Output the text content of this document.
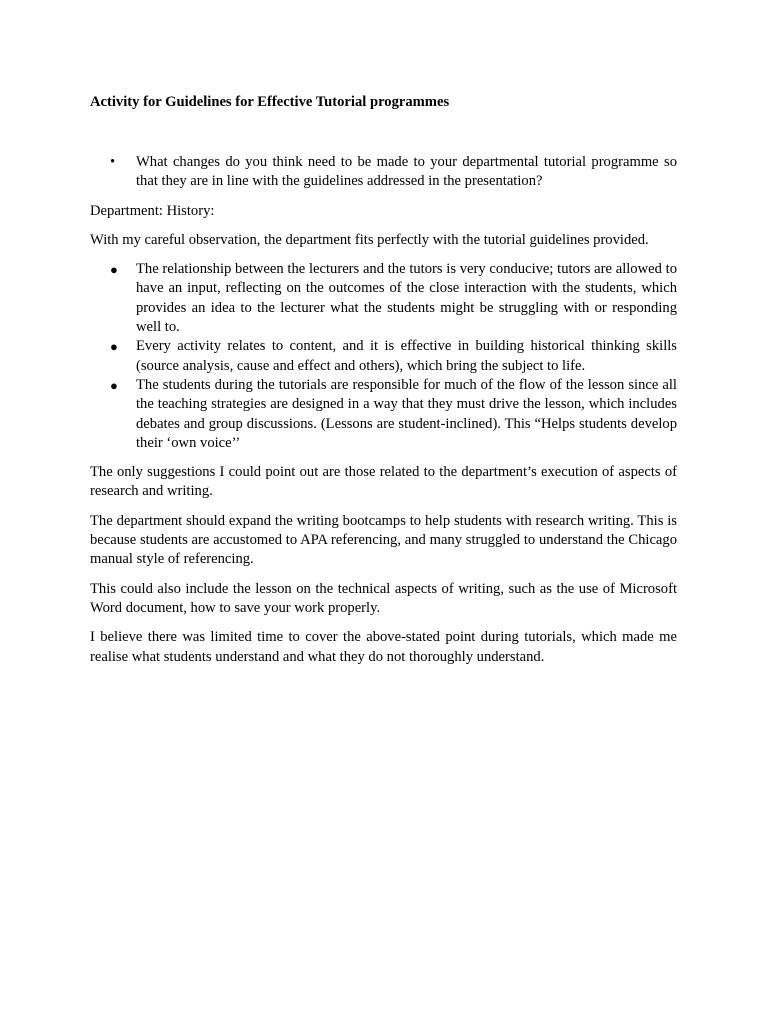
Activity for Guidelines for Effective Tutorial programmes

•	What changes do you think need to be made to your departmental tutorial programme so that they are in line with the guidelines addressed in the presentation?

Department: History:

With my careful observation, the department fits perfectly with the tutorial guidelines provided.

●	The relationship between the lecturers and the tutors is very conducive; tutors are allowed to have an input, reflecting on the outcomes of the close interaction with the students, which provides an idea to the lecturer what the students might be struggling with or responding well to.
●	Every activity relates to content, and it is effective in building historical thinking skills (source analysis, cause and effect and others), which bring the subject to life.
●	The students during the tutorials are responsible for much of the flow of the lesson since all the teaching strategies are designed in a way that they must drive the lesson, which includes debates and group discussions. (Lessons are student-inclined). This “Helps students develop their ‘own voice’’

The only suggestions I could point out are those related to the department’s execution of aspects of research and writing.

The department should expand the writing bootcamps to help students with research writing. This is because students are accustomed to APA referencing, and many struggled to understand the Chicago manual style of referencing.

This could also include the lesson on the technical aspects of writing, such as the use of Microsoft Word document, how to save your work properly.

I believe there was limited time to cover the above-stated point during tutorials, which made me realise what students understand and what they do not thoroughly understand.
